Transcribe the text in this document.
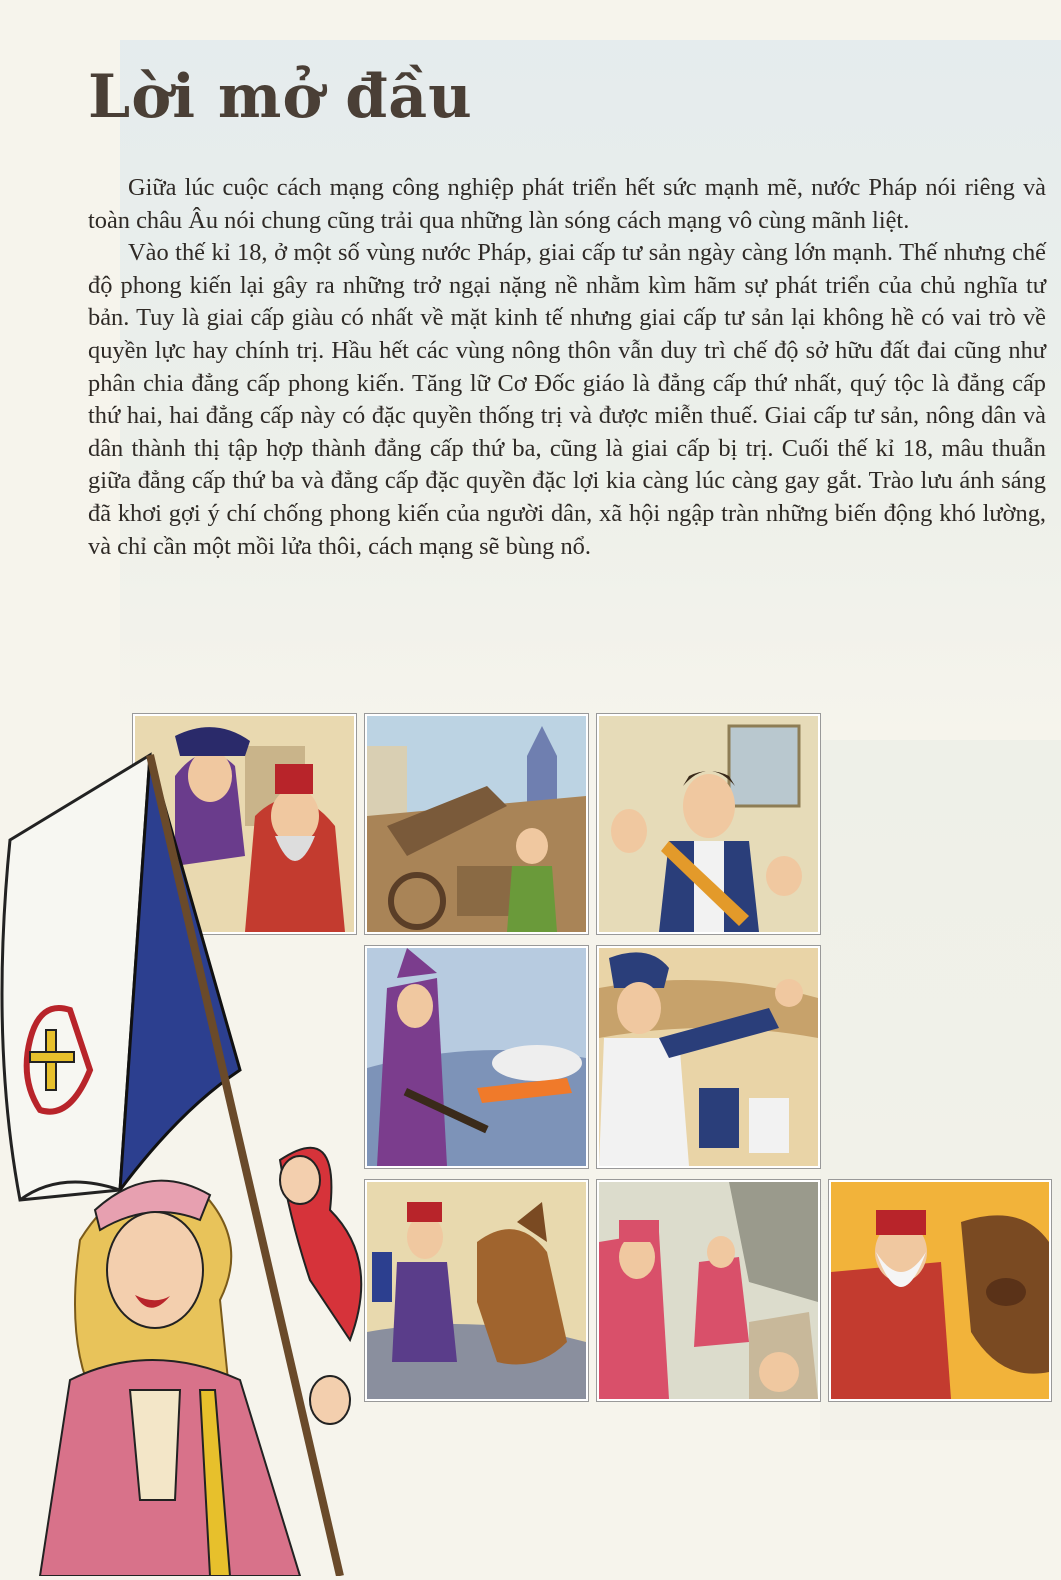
Lời mở đầu

Giữa lúc cuộc cách mạng công nghiệp phát triển hết sức mạnh mẽ, nước Pháp nói riêng và toàn châu Âu nói chung cũng trải qua những làn sóng cách mạng vô cùng mãnh liệt.

Vào thế kỉ 18, ở một số vùng nước Pháp, giai cấp tư sản ngày càng lớn mạnh. Thế nhưng chế độ phong kiến lại gây ra những trở ngại nặng nề nhằm kìm hãm sự phát triển của chủ nghĩa tư bản. Tuy là giai cấp giàu có nhất về mặt kinh tế nhưng giai cấp tư sản lại không hề có vai trò về quyền lực hay chính trị. Hầu hết các vùng nông thôn vẫn duy trì chế độ sở hữu đất đai cũng như phân chia đẳng cấp phong kiến. Tăng lữ Cơ Đốc giáo là đẳng cấp thứ nhất, quý tộc là đẳng cấp thứ hai, hai đẳng cấp này có đặc quyền thống trị và được miễn thuế. Giai cấp tư sản, nông dân và dân thành thị tập hợp thành đẳng cấp thứ ba, cũng là giai cấp bị trị. Cuối thế kỉ 18, mâu thuẫn giữa đẳng cấp thứ ba và đẳng cấp đặc quyền đặc lợi kia càng lúc càng gay gắt. Trào lưu ánh sáng đã khơi gợi ý chí chống phong kiến của người dân, xã hội ngập tràn những biến động khó lường, và chỉ cần một mồi lửa thôi, cách mạng sẽ bùng nổ.
